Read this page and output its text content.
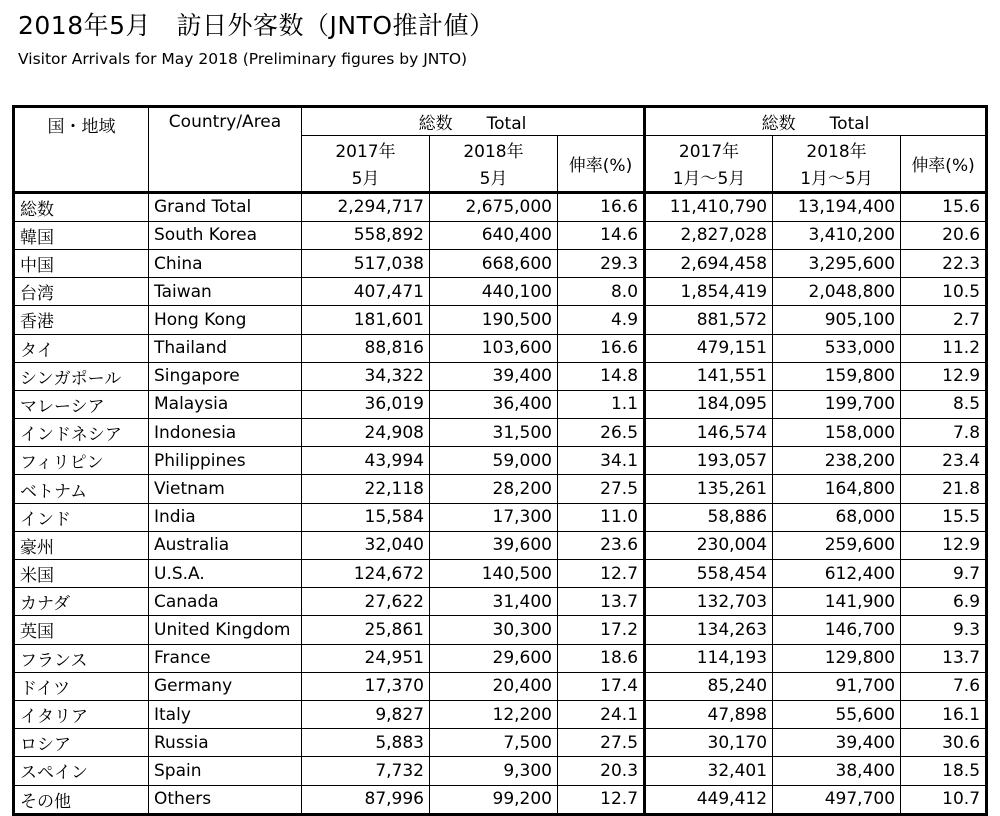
2018年5月　訪日外客数（JNTO推計値）
Visitor Arrivals for May 2018 (Preliminary figures by JNTO)
国・地域	Country/Area	総数　　Total			総数　　Total		
		2017年	2018年	伸率(%)	2017年	2018年	伸率(%)
		5月	5月		1月～5月	1月～5月	
総数	Grand Total	2,294,717	2,675,000	16.6	11,410,790	13,194,400	15.6
韓国	South Korea	558,892	640,400	14.6	2,827,028	3,410,200	20.6
中国	China	517,038	668,600	29.3	2,694,458	3,295,600	22.3
台湾	Taiwan	407,471	440,100	8.0	1,854,419	2,048,800	10.5
香港	Hong Kong	181,601	190,500	4.9	881,572	905,100	2.7
タイ	Thailand	88,816	103,600	16.6	479,151	533,000	11.2
シンガポール	Singapore	34,322	39,400	14.8	141,551	159,800	12.9
マレーシア	Malaysia	36,019	36,400	1.1	184,095	199,700	8.5
インドネシア	Indonesia	24,908	31,500	26.5	146,574	158,000	7.8
フィリピン	Philippines	43,994	59,000	34.1	193,057	238,200	23.4
ベトナム	Vietnam	22,118	28,200	27.5	135,261	164,800	21.8
インド	India	15,584	17,300	11.0	58,886	68,000	15.5
豪州	Australia	32,040	39,600	23.6	230,004	259,600	12.9
米国	U.S.A.	124,672	140,500	12.7	558,454	612,400	9.7
カナダ	Canada	27,622	31,400	13.7	132,703	141,900	6.9
英国	United Kingdom	25,861	30,300	17.2	134,263	146,700	9.3
フランス	France	24,951	29,600	18.6	114,193	129,800	13.7
ドイツ	Germany	17,370	20,400	17.4	85,240	91,700	7.6
イタリア	Italy	9,827	12,200	24.1	47,898	55,600	16.1
ロシア	Russia	5,883	7,500	27.5	30,170	39,400	30.6
スペイン	Spain	7,732	9,300	20.3	32,401	38,400	18.5
その他	Others	87,996	99,200	12.7	449,412	497,700	10.7
